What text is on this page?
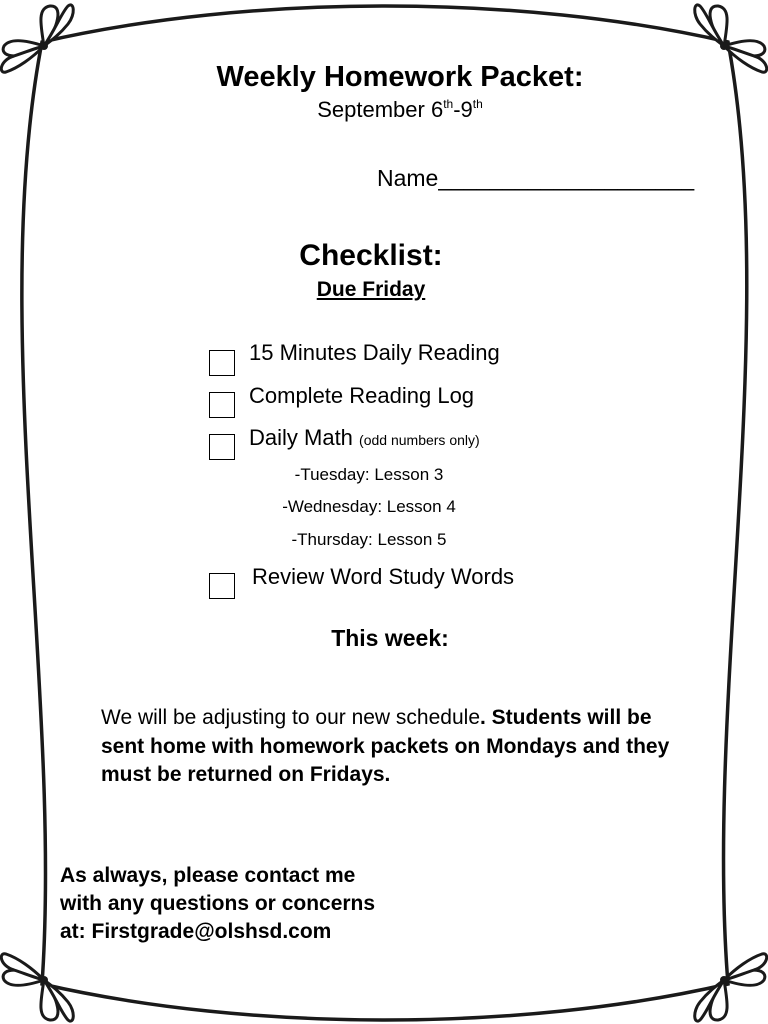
Weekly Homework Packet:
September 6th-9th
Name____________________
Checklist:
Due Friday
15 Minutes Daily Reading
Complete Reading Log
Daily Math (odd numbers only)
-Tuesday: Lesson 3
-Wednesday: Lesson 4
-Thursday: Lesson 5
Review Word Study Words
This week:

We will be adjusting to our new schedule. Students will be sent home with homework packets on Mondays and they must be returned on Fridays.

As always, please contact me
with any questions or concerns
at: Firstgrade@olshsd.com
